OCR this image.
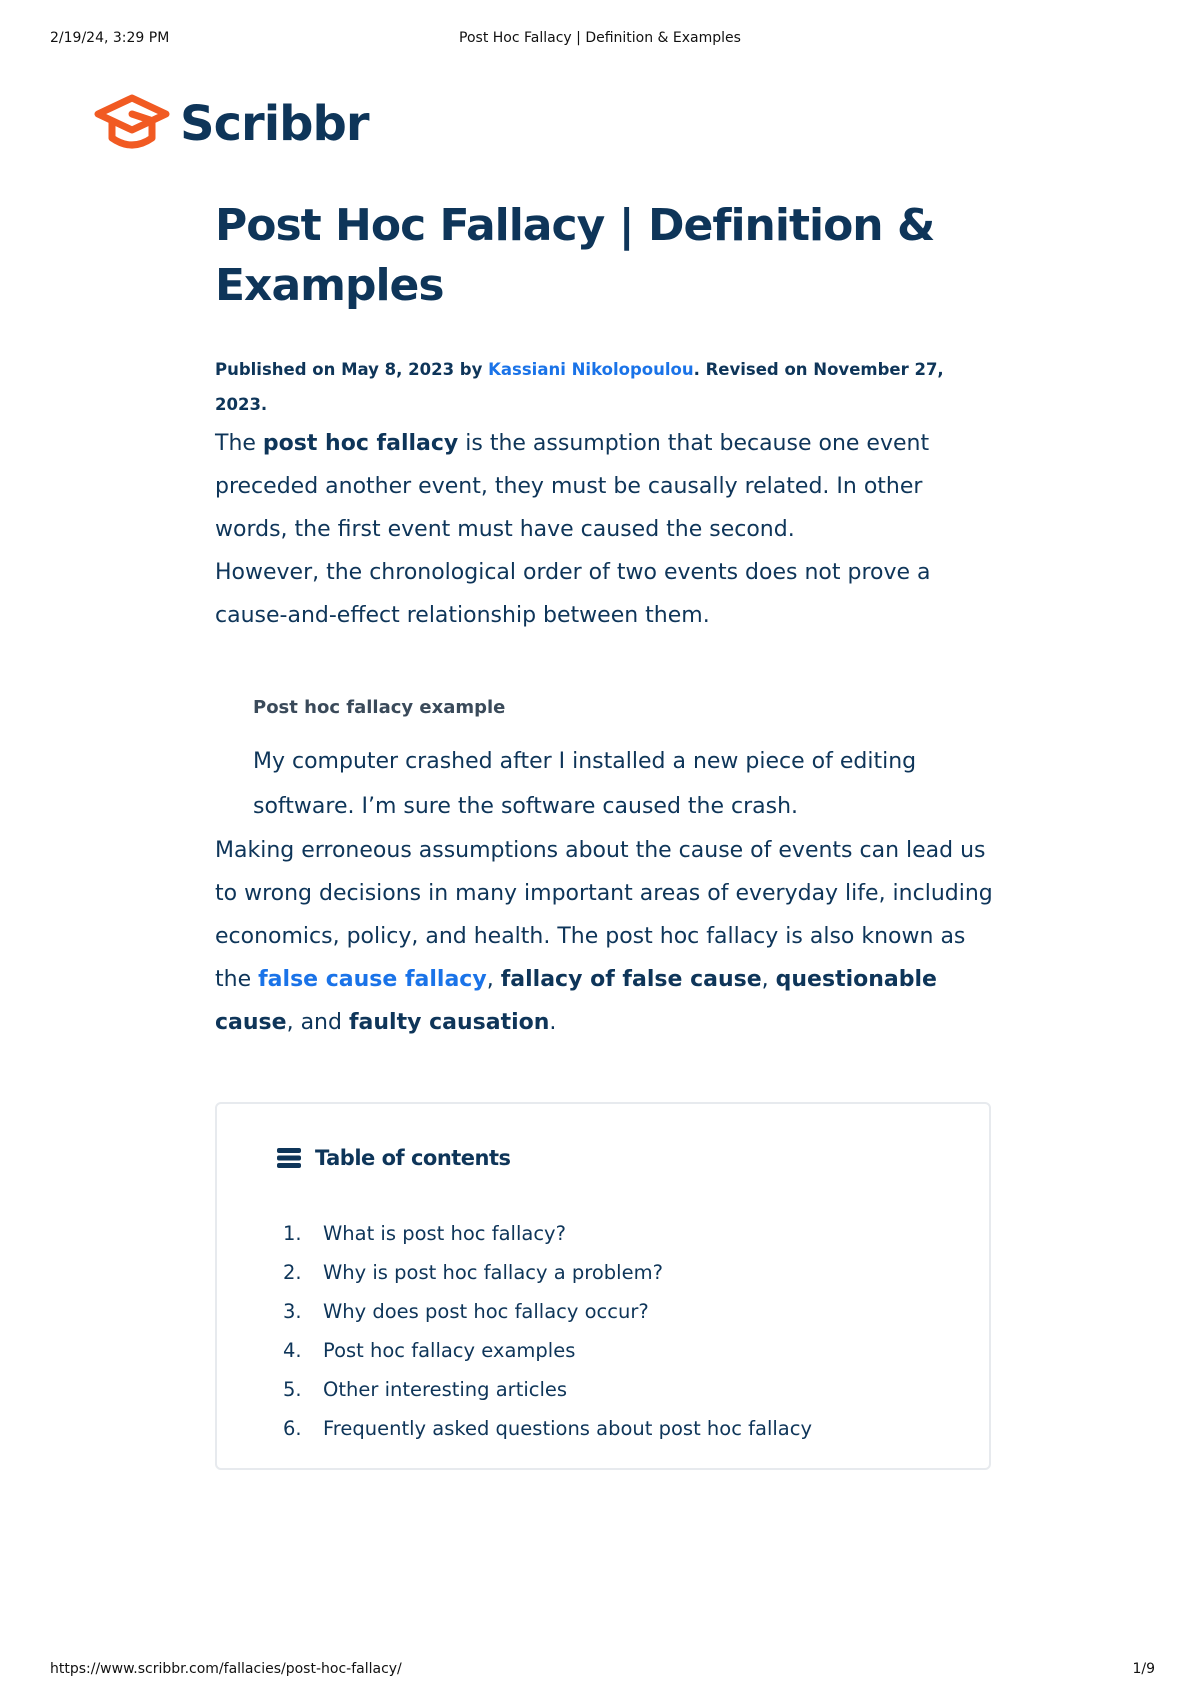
2/19/24, 3:29 PM	Post Hoc Fallacy | Definition & Examples
Scribbr
Post Hoc Fallacy | Definition & Examples
Published on May 8, 2023 by Kassiani Nikolopoulou. Revised on November 27, 2023.

The post hoc fallacy is the assumption that because one event preceded another event, they must be causally related. In other words, the first event must have caused the second.

However, the chronological order of two events does not prove a cause-and-effect relationship between them.

Post hoc fallacy example
My computer crashed after I installed a new piece of editing software. I’m sure the software caused the crash.

Making erroneous assumptions about the cause of events can lead us to wrong decisions in many important areas of everyday life, including economics, policy, and health. The post hoc fallacy is also known as the false cause fallacy, fallacy of false cause, questionable cause, and faulty causation.

Table of contents
1.	What is post hoc fallacy?
2.	Why is post hoc fallacy a problem?
3.	Why does post hoc fallacy occur?
4.	Post hoc fallacy examples
5.	Other interesting articles
6.	Frequently asked questions about post hoc fallacy
https://www.scribbr.com/fallacies/post-hoc-fallacy/	1/9
